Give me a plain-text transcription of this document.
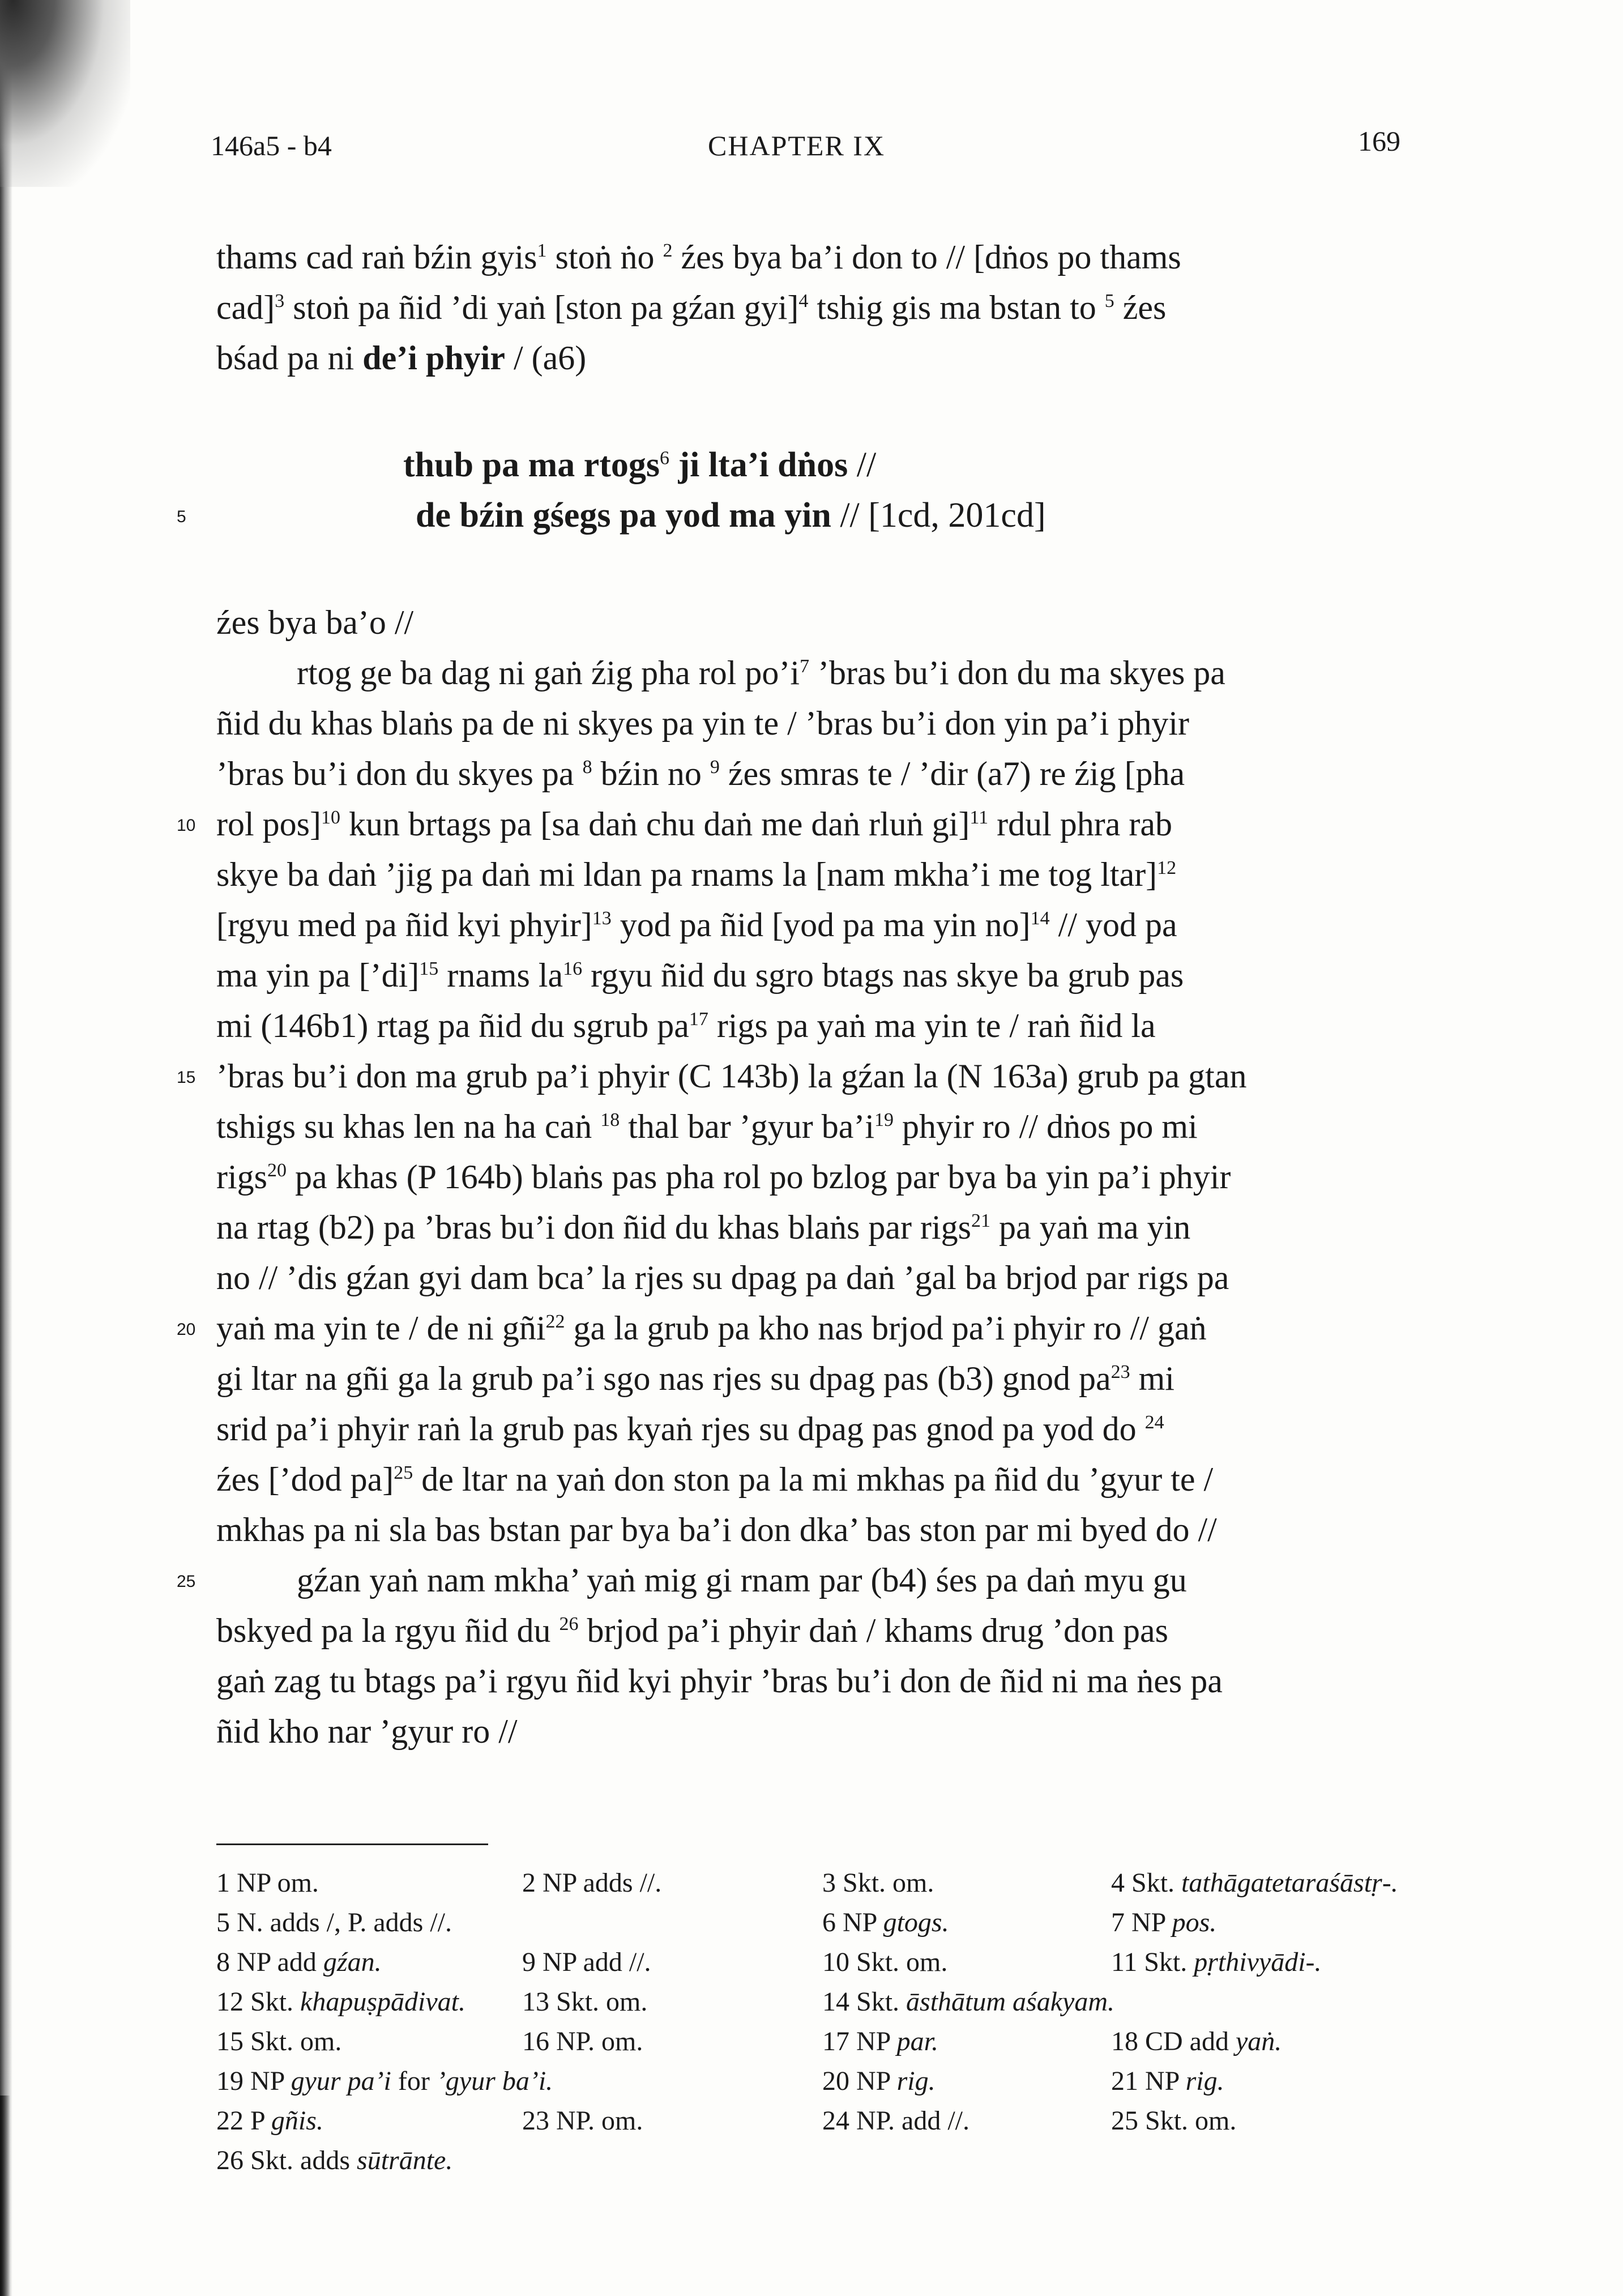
146a5 - b4	CHAPTER IX	169
thams cad raṅ bźin gyis$^1$ stoṅ ṅo $^2$ źes bya ba’i don to // [dṅos po thams
cad]$^3$ stoṅ pa ñid ’di yaṅ [ston pa gźan gyi]$^4$ tshig gis ma bstan to $^5$ źes
bśad pa ni de’i phyir / (a6)
thub pa ma rtogs$^6$ ji lta’i dṅos //
de bźin gśegs pa yod ma yin // [1cd, 201cd]
źes bya ba’o //
rtog ge ba dag ni gaṅ źig pha rol $po’i^7$ ’bras bu’i don du ma skyes pa
ñid du khas blaṅs pa de ni skyes pa yin te / ’bras bu’i don yin pa’i phyir
’bras bu’i don du skyes pa $^8$ bźin no $^9$ źes smras te / ’dir (a7) re źig [pha
rol pos]$^{10}$ kun brtags pa [sa daṅ chu daṅ me daṅ rluṅ gi]$^{11}$ rdul phra rab
skye ba daṅ ’jig pa daṅ mi ldan pa rnams la [nam mkha’i me tog ltar]$^{12}$
[rgyu med pa ñid kyi phyir]$^{13}$ yod pa ñid [yod pa ma yin no]$^{14}$ // yod pa
ma yin pa [’di]$^{15}$ rnams $la^{16}$ rgyu ñid du sgro btags nas skye ba grub pas
mi (146b1) rtag pa ñid du sgrub $pa^{17}$ rigs pa yaṅ ma yin te / raṅ ñid la
’bras bu’i don ma grub pa’i phyir (C 143b) la gźan la (N 163a) grub pa gtan
tshigs su khas len na ha caṅ $^{18}$ thal bar ’gyur $ba’i^{19}$ phyir ro // dṅos po mi
rigs$^{20}$ pa khas (P 164b) blaṅs pas pha rol po bzlog par bya ba yin pa’i phyir
na rtag (b2) pa ’bras bu’i don ñid du khas blaṅs par rigs$^{21}$ pa yaṅ ma yin
no // ’dis gźan gyi dam bca’ la rjes su dpag pa daṅ ’gal ba brjod par rigs pa
yaṅ ma yin te / de ni gñi$^{22}$ ga la grub pa kho nas brjod pa’i phyir ro // gaṅ
gi ltar na gñi ga la grub pa’i sgo nas rjes su dpag pas (b3) gnod $pa^{23}$ mi
srid pa’i phyir raṅ la grub pas kyaṅ rjes su dpag pas gnod pa yod do $^{24}$
źes [’dod pa]$^{25}$ de ltar na yaṅ don ston pa la mi mkhas pa ñid du ’gyur te /
mkhas pa ni sla bas bstan par bya ba’i don dka’ bas ston par mi byed do //
gźan yaṅ nam mkha’ yaṅ mig gi rnam par (b4) śes pa daṅ myu gu
bskyed pa la rgyu ñid du $^{26}$ brjod pa’i phyir daṅ / khams drug ’don pas
gaṅ zag tu btags pa’i rgyu ñid kyi phyir ’bras bu’i don de ñid ni ma ṅes pa
ñid kho nar ’gyur ro //
5
10
15
20
25
1 NP om.	2 NP adds //.	3 Skt. om.	4 Skt. tathāgatetaraśāstṛ-.
5 N. adds /, P. adds //.	6 NP gtogs.	7 NP pos.
8 NP add gźan.	9 NP add //.	10 Skt. om.	11 Skt. pṛthivyādi-.
12 Skt. khapuṣpādivat. 13 Skt. om.	14 Skt. āsthātum aśakyam.
15 Skt. om.	16 NP. om.	17 NP par.	18 CD add yaṅ.
19 NP gyur pa’i for ’gyur ba’i.	20 NP rig.	21 NP rig.
22 P gñis.	23 NP. om.	24 NP. add //.	25 Skt. om.
26 Skt. adds sūtrānte.
